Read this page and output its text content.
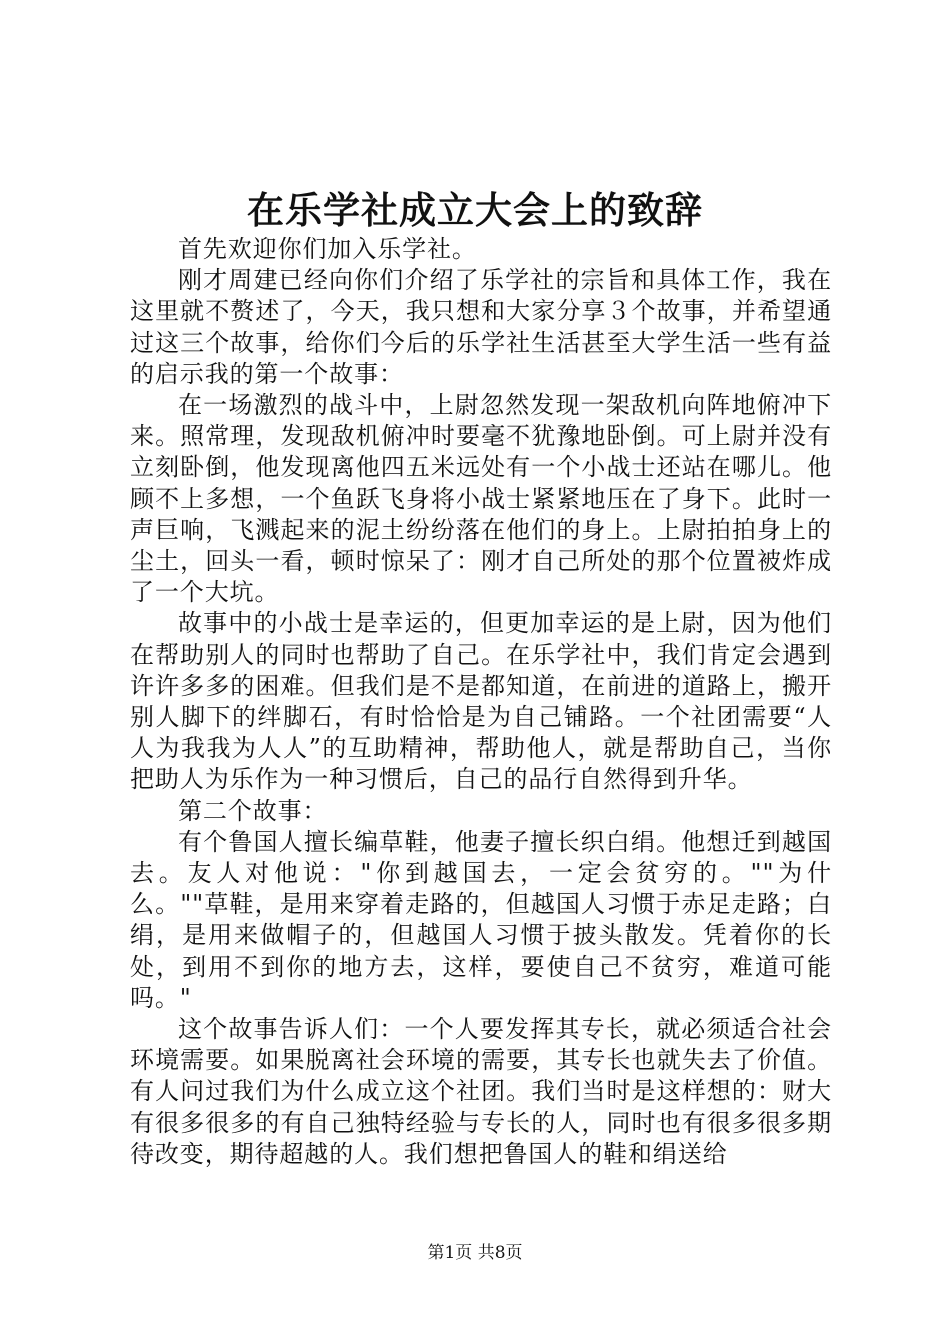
在乐学社成立大会上的致辞

首先欢迎你们加入乐学社。

刚才周建已经向你们介绍了乐学社的宗旨和具体工作，我在这里就不赘述了，今天，我只想和大家分享３个故事，并希望通过这三个故事，给你们今后的乐学社生活甚至大学生活一些有益的启示我的第一个故事：

在一场激烈的战斗中，上尉忽然发现一架敌机向阵地俯冲下来。照常理，发现敌机俯冲时要毫不犹豫地卧倒。可上尉并没有立刻卧倒，他发现离他四五米远处有一个小战士还站在哪儿。他顾不上多想，一个鱼跃飞身将小战士紧紧地压在了身下。此时一声巨响，飞溅起来的泥土纷纷落在他们的身上。上尉拍拍身上的尘土，回头一看，顿时惊呆了：刚才自己所处的那个位置被炸成了一个大坑。

故事中的小战士是幸运的，但更加幸运的是上尉，因为他们在帮助别人的同时也帮助了自己。在乐学社中，我们肯定会遇到许许多多的困难。但我们是不是都知道，在前进的道路上，搬开别人脚下的绊脚石，有时恰恰是为自己铺路。一个社团需要“人人为我我为人人”的互助精神，帮助他人，就是帮助自己，当你把助人为乐作为一种习惯后，自己的品行自然得到升华。

第二个故事：

有个鲁国人擅长编草鞋，他妻子擅长织白绢。他想迁到越国去。友人对他说："你到越国去，一定会贫穷的。""为什么。""草鞋，是用来穿着走路的，但越国人习惯于赤足走路；白绢，是用来做帽子的，但越国人习惯于披头散发。凭着你的长处，到用不到你的地方去，这样，要使自己不贫穷，难道可能吗。"

这个故事告诉人们：一个人要发挥其专长，就必须适合社会环境需要。如果脱离社会环境的需要，其专长也就失去了价值。有人问过我们为什么成立这个社团。我们当时是这样想的：财大有很多很多的有自己独特经验与专长的人，同时也有很多很多期待改变，期待超越的人。我们想把鲁国人的鞋和绢送给

第1页 共8页
